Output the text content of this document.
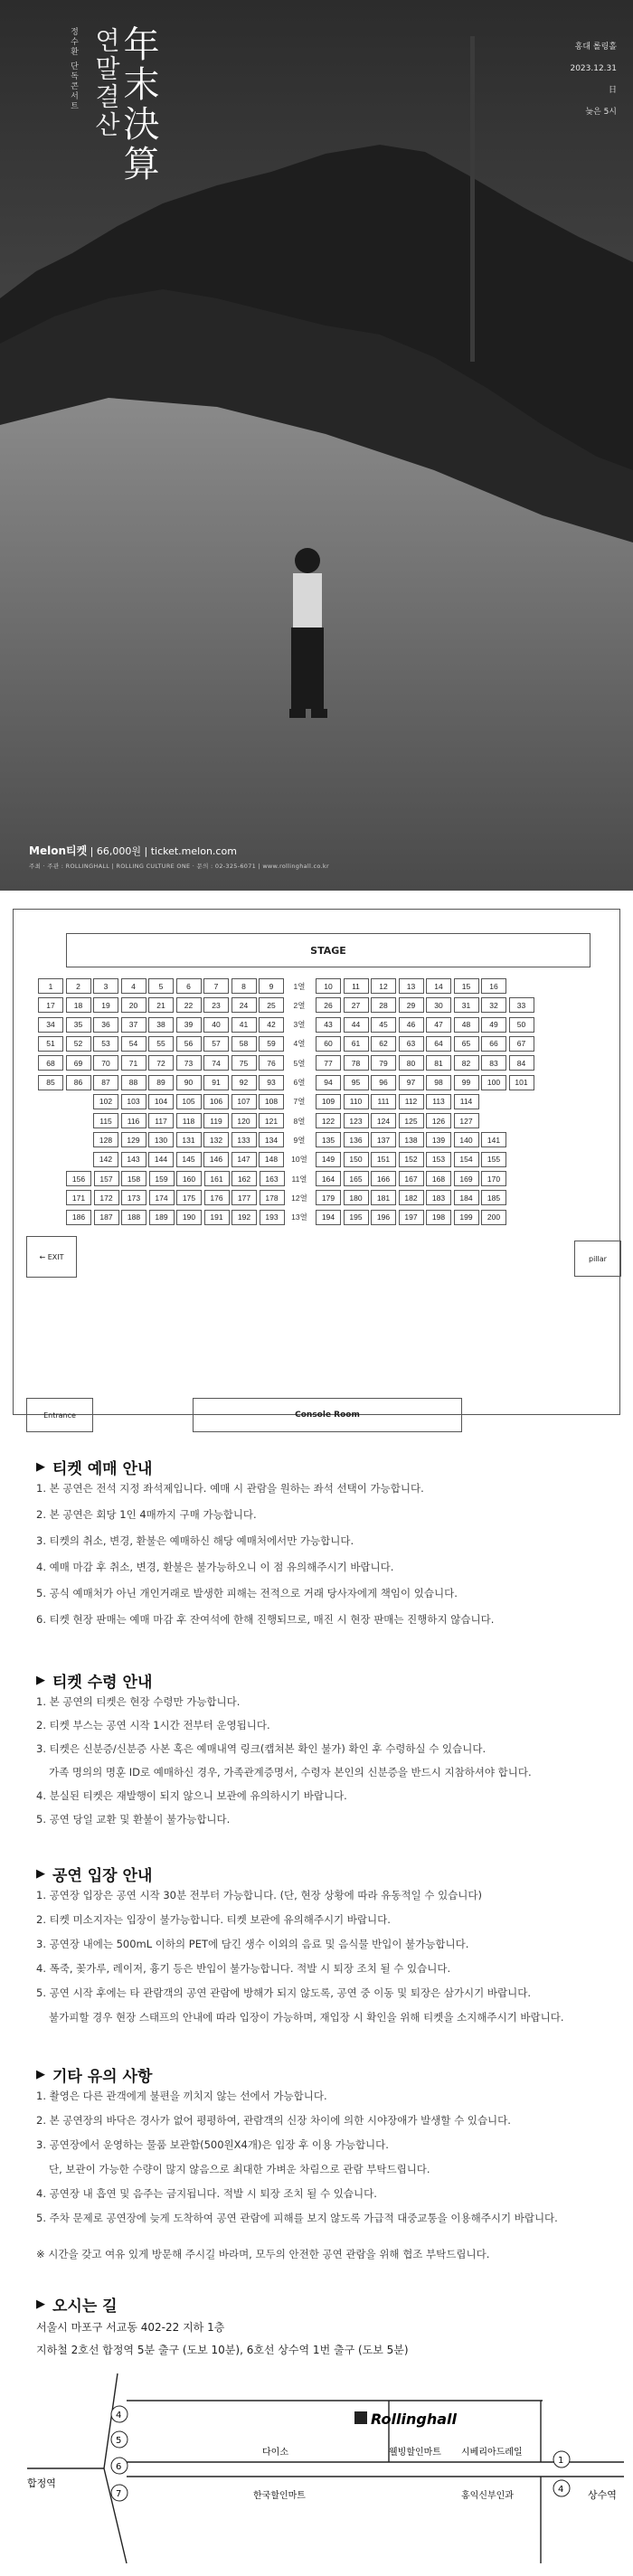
年末決算
연말결산
정수환 단독콘서트	홍대 롤링홀
2023.12.31
日
늦은 5시
Melon티켓 | 66,000원 | ticket.melon.com
주최 · 주관 : ROLLINGHALL | ROLLING CULTURE ONE · 문의 : 02-325-6071 | www.rollinghall.co.kr
STAGE
1	2	3	4	5	6	7	8	9	1열	10	11	12	13	14	15	16
17	18	19	20	21	22	23	24	25	2열	26	27	28	29	30	31	32	33
34	35	36	37	38	39	40	41	42	3열	43	44	45	46	47	48	49	50
51	52	53	54	55	56	57	58	59	4열	60	61	62	63	64	65	66	67
68	69	70	71	72	73	74	75	76	5열	77	78	79	80	81	82	83	84
85	86	87	88	89	90	91	92	93	6열	94	95	96	97	98	99	100	101
102	103	104	105	106	107	108	7열	109	110	111	112	113	114
115	116	117	118	119	120	121	8열	122	123	124	125	126	127
128	129	130	131	132	133	134	9열	135	136	137	138	139	140	141
142	143	144	145	146	147	148	10열	149	150	151	152	153	154	155
156	157	158	159	160	161	162	163	11열	164	165	166	167	168	169	170
171	172	173	174	175	176	177	178	12열	179	180	181	182	183	184	185
186	187	188	189	190	191	192	193	13열	194	195	196	197	198	199	200
← EXIT	pillar
Entrance	Console Room
▶ 티켓 예매 안내
1. 본 공연은 전석 지정 좌석제입니다. 예매 시 관람을 원하는 좌석 선택이 가능합니다.
2. 본 공연은 회당 1인 4매까지 구매 가능합니다.
3. 티켓의 취소, 변경, 환불은 예매하신 해당 예매처에서만 가능합니다.
4. 예매 마감 후 취소, 변경, 환불은 불가능하오니 이 점 유의해주시기 바랍니다.
5. 공식 예매처가 아닌 개인거래로 발생한 피해는 전적으로 거래 당사자에게 책임이 있습니다.
6. 티켓 현장 판매는 예매 마감 후 잔여석에 한해 진행되므로, 매진 시 현장 판매는 진행하지 않습니다.
▶ 티켓 수령 안내
1. 본 공연의 티켓은 현장 수령만 가능합니다.
2. 티켓 부스는 공연 시작 1시간 전부터 운영됩니다.
3. 티켓은 신분증/신분증 사본 혹은 예매내역 링크(캡쳐본 확인 불가) 확인 후 수령하실 수 있습니다.
가족 명의의 명훈 ID로 예매하신 경우, 가족관계증명서, 수령자 본인의 신분증을 반드시 지참하셔야 합니다.
4. 분실된 티켓은 재발행이 되지 않으니 보관에 유의하시기 바랍니다.
5. 공연 당일 교환 및 환불이 불가능합니다.
▶ 공연 입장 안내
1. 공연장 입장은 공연 시작 30분 전부터 가능합니다. (단, 현장 상황에 따라 유동적일 수 있습니다)
2. 티켓 미소지자는 입장이 불가능합니다. 티켓 보관에 유의해주시기 바랍니다.
3. 공연장 내에는 500mL 이하의 PET에 담긴 생수 이외의 음료 및 음식물 반입이 불가능합니다.
4. 폭죽, 꽃가루, 레이저, 흉기 등은 반입이 불가능합니다. 적발 시 퇴장 조치 될 수 있습니다.
5. 공연 시작 후에는 타 관람객의 공연 관람에 방해가 되지 않도록, 공연 중 이동 및 퇴장은 삼가시기 바랍니다.
불가피할 경우 현장 스태프의 안내에 따라 입장이 가능하며, 재입장 시 확인을 위해 티켓을 소지해주시기 바랍니다.
▶ 기타 유의 사항
1. 촬영은 다른 관객에게 불편을 끼치지 않는 선에서 가능합니다.
2. 본 공연장의 바닥은 경사가 없어 평평하여, 관람객의 신장 차이에 의한 시야장애가 발생할 수 있습니다.
3. 공연장에서 운영하는 물품 보관함(500원X4개)은 입장 후 이용 가능합니다.
단, 보관이 가능한 수량이 많지 않음으로 최대한 가벼운 차림으로 관람 부탁드립니다.
4. 공연장 내 흡연 및 음주는 금지됩니다. 적발 시 퇴장 조치 될 수 있습니다.
5. 주차 문제로 공연장에 늦게 도착하여 공연 관람에 피해를 보지 않도록 가급적 대중교통을 이용해주시기 바랍니다.
※ 시간을 갖고 여유 있게 방문해 주시길 바라며, 모두의 안전한 공연 관람을 위해 협조 부탁드립니다.
▶ 오시는 길
서울시 마포구 서교동 402-22 지하 1층
지하철 2호선 합정역 5분 출구 (도보 10분), 6호선 상수역 1번 출구 (도보 5분)
합정역
상수역
Rollinghall
다이소
한국할인마트
웰빙할인마트 시베리아드레일
홍익신부인과
4
5
6
7
1
4
